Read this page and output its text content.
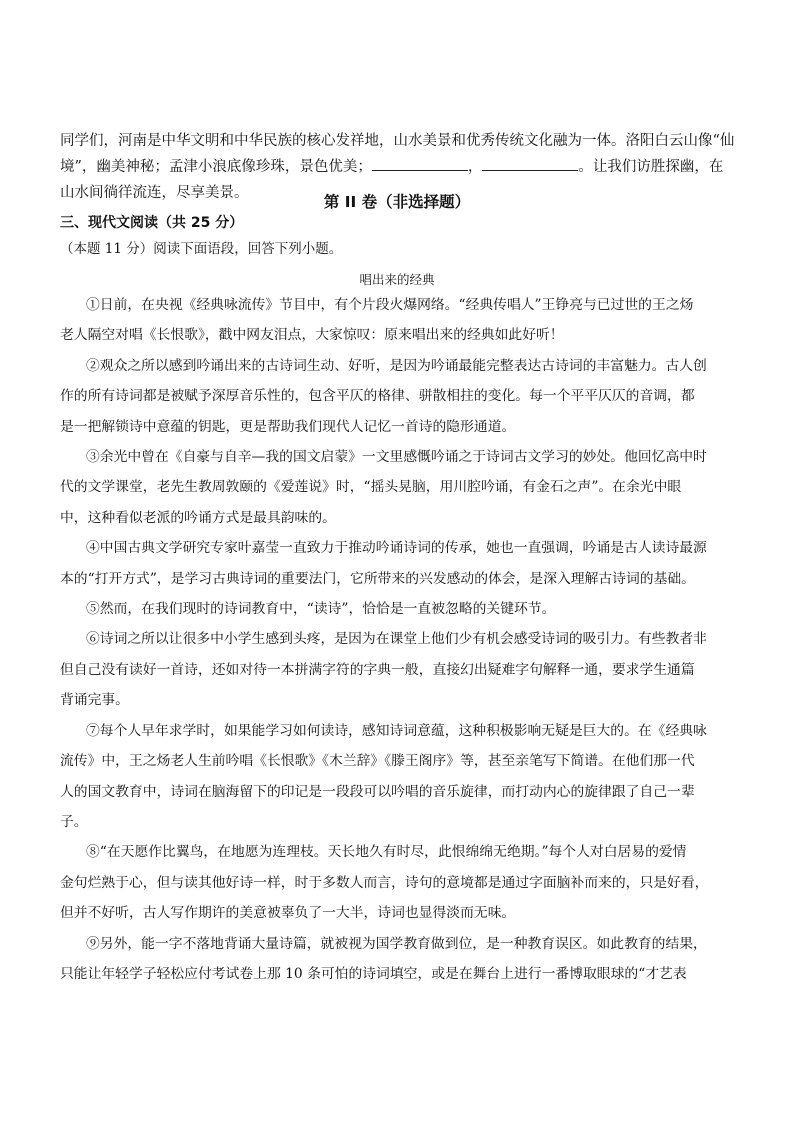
同学们，河南是中华文明和中华民族的核心发祥地，山水美景和优秀传统文化融为一体。洛阳白云山像“仙
境”，幽美神秘；孟津小浪底像珍珠，景色优美；	，	。让我们访胜探幽，在
山水间徜徉流连，尽享美景。	第 II 卷（非选择题）
三、现代文阅读（共 25 分）
（本题 11 分）阅读下面语段，回答下列小题。
唱出来的经典

①日前，在央视《经典咏流传》节目中，有个片段火爆网络。“经典传唱人”王铮亮与已过世的王之炀
老人隔空对唱《长恨歌》，戳中网友泪点，大家惊叹：原来唱出来的经典如此好听！

②观众之所以感到吟诵出来的古诗词生动、好听，是因为吟诵最能完整表达古诗词的丰富魅力。古人创
作的所有诗词都是被赋予深厚音乐性的，包含平仄的格律、骈散相拄的变化。每一个平平仄仄的音调，都
是一把解锁诗中意蕴的钥匙，更是帮助我们现代人记忆一首诗的隐形通道。

③余光中曾在《自豪与自辛—我的国文启蒙》一文里感慨吟诵之于诗词古文学习的妙处。他回忆高中时
代的文学课堂，老先生教周敦颐的《爱莲说》时，“摇头晃脑，用川腔吟诵，有金石之声”。在余光中眼
中，这种看似老派的吟诵方式是最具韵味的。

④中国古典文学研究专家叶嘉莹一直致力于推动吟诵诗词的传承，她也一直强调，吟诵是古人读诗最源
本的“打开方式”，是学习古典诗词的重要法门，它所带来的兴发感动的体会，是深入理解古诗词的基础。

⑤然而，在我们现时的诗词教育中，“读诗”，恰恰是一直被忽略的关键环节。

⑥诗词之所以让很多中小学生感到头疼，是因为在课堂上他们少有机会感受诗词的吸引力。有些教者非
但自己没有读好一首诗，还如对待一本拼满字符的字典一般，直接幻出疑难字句解释一通，要求学生通篇
背诵完事。

⑦每个人早年求学时，如果能学习如何读诗，感知诗词意蕴，这种积极影响无疑是巨大的。在《经典咏
流传》中，王之炀老人生前吟唱《长恨歌》《木兰辞》《滕王阁序》等，甚至亲笔写下简谱。在他们那一代
人的国文教育中，诗词在脑海留下的印记是一段段可以吟唱的音乐旋律，而打动内心的旋律跟了自己一辈
子。

⑧“在天愿作比翼鸟，在地愿为连理枝。天长地久有时尽，此恨绵绵无绝期。”每个人对白居易的爱情
金句烂熟于心，但与读其他好诗一样，时于多数人而言，诗句的意境都是通过字面脑补而来的，只是好看，
但并不好听，古人写作期许的美意被辜负了一大半，诗词也显得淡而无味。

⑨另外，能一字不落地背诵大量诗篇，就被视为国学教育做到位，是一种教育误区。如此教育的结果，
只能让年轻学子轻松应付考试卷上那 10 条可怕的诗词填空，或是在舞台上进行一番博取眼球的“才艺表
